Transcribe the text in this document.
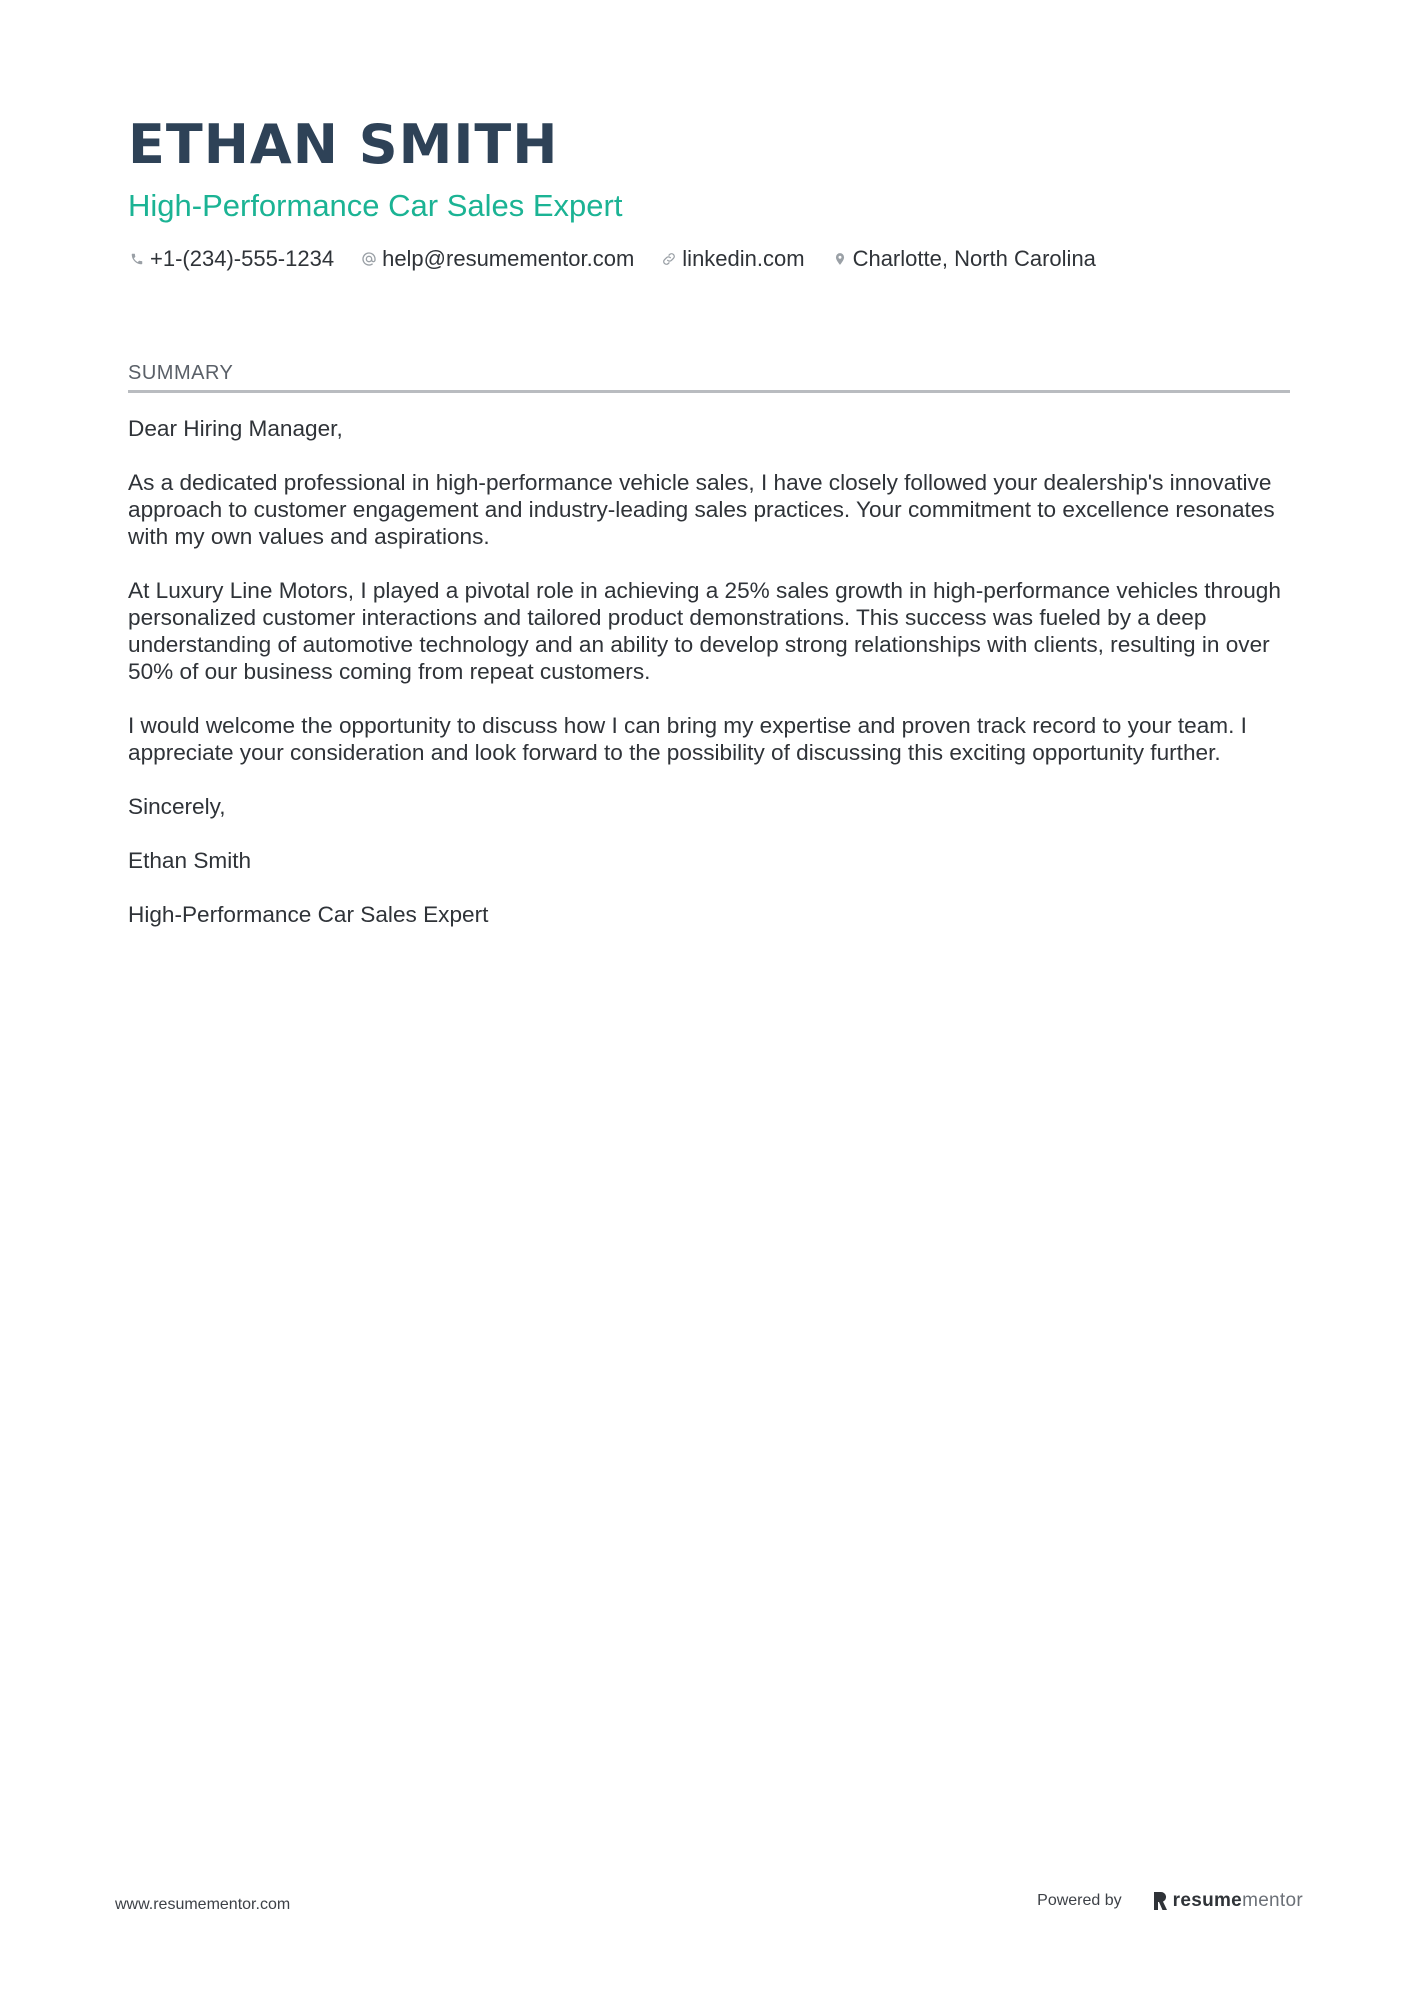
ETHAN SMITH
High-Performance Car Sales Expert
+1-(234)-555-1234 help@resumementor.com linkedin.com Charlotte, North Carolina
SUMMARY

Dear Hiring Manager,

As a dedicated professional in high-performance vehicle sales, I have closely followed your dealership's innovative approach to customer engagement and industry-leading sales practices. Your commitment to excellence resonates with my own values and aspirations.

At Luxury Line Motors, I played a pivotal role in achieving a 25% sales growth in high-performance vehicles through personalized customer interactions and tailored product demonstrations. This success was fueled by a deep understanding of automotive technology and an ability to develop strong relationships with clients, resulting in over 50% of our business coming from repeat customers.

I would welcome the opportunity to discuss how I can bring my expertise and proven track record to your team. I appreciate your consideration and look forward to the possibility of discussing this exciting opportunity further.

Sincerely,

Ethan Smith

High-Performance Car Sales Expert

www.resumementor.com	Powered by	resume mentor
